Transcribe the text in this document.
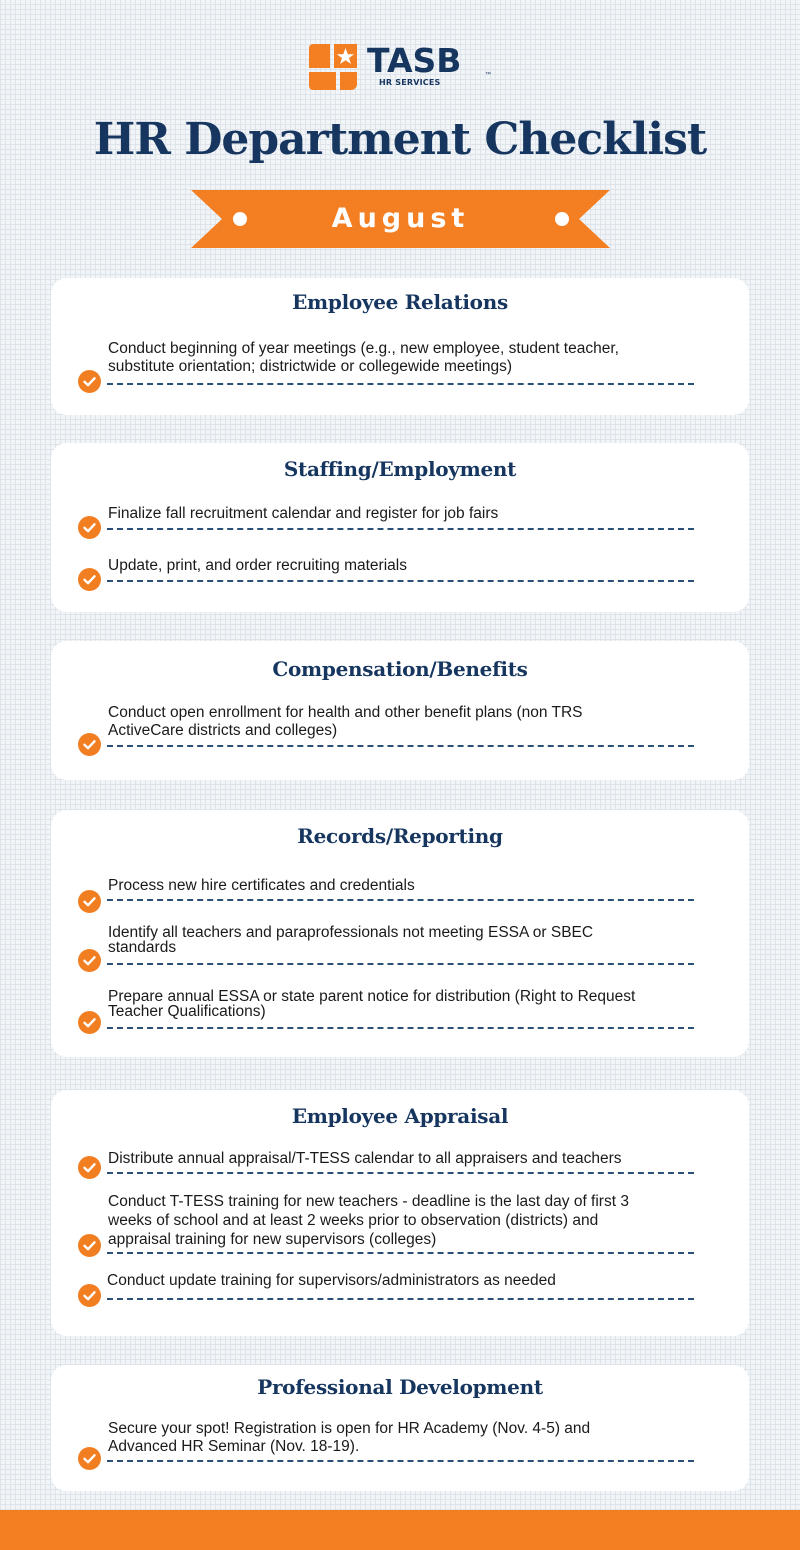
TASB
HR SERVICES
™
HR Department Checklist
August
Employee Relations
Conduct beginning of year meetings (e.g., new employee, student teacher,
substitute orientation; districtwide or collegewide meetings)
Staffing/Employment
Finalize fall recruitment calendar and register for job fairs
Update, print, and order recruiting materials
Compensation/Benefits
Conduct open enrollment for health and other benefit plans (non TRS
ActiveCare districts and colleges)
Records/Reporting
Process new hire certificates and credentials
Identify all teachers and paraprofessionals not meeting ESSA or SBEC
standards
Prepare annual ESSA or state parent notice for distribution (Right to Request
Teacher Qualifications)
Employee Appraisal
Distribute annual appraisal/T-TESS calendar to all appraisers and teachers
Conduct T-TESS training for new teachers - deadline is the last day of first 3
weeks of school and at least 2 weeks prior to observation (districts) and
appraisal training for new supervisors (colleges)
Conduct update training for supervisors/administrators as needed
Professional Development
Secure your spot! Registration is open for HR Academy (Nov. 4-5) and
Advanced HR Seminar (Nov. 18-19).
